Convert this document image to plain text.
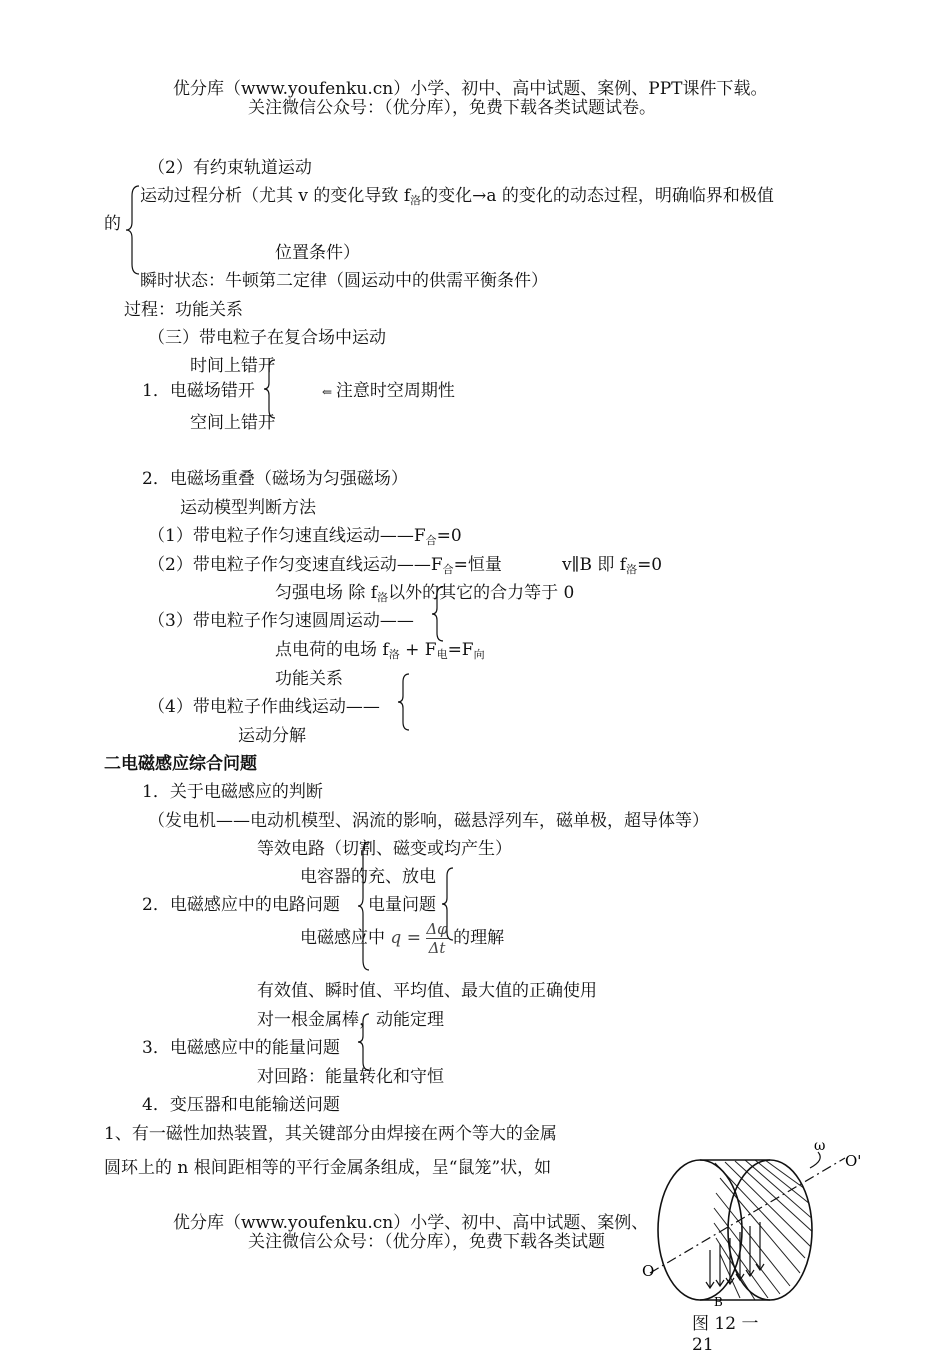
优分库（www.youfenku.cn）小学、初中、高中试题、案例、PPT课件下载。
关注微信公众号：（优分库），免费下载各类试题试卷。
（2）有约束轨道运动
运动过程分析（尤其 v 的变化导致 $f_洛$的变化→a 的变化的动态过程，明确临界和极值
的
位置条件）
瞬时状态：牛顿第二定律（圆运动中的供需平衡条件）
过程：功能关系
（三）带电粒子在复合场中运动
时间上错开
1．电磁场错开	⇐ 注意时空周期性
空间上错开
2．电磁场重叠（磁场为匀强磁场）
运动模型判断方法
（1）带电粒子作匀速直线运动$——F_合=0$
（2）带电粒子作匀变速直线运动$——F_合=$恒量	v∥B 即 $f_洛=0$
匀强电场 除 $f_洛$以外的其它的合力等于 0
（3）带电粒子作匀速圆周运动——
点电荷的电场 $f_洛 + F_电=F_向$
功能关系
（4）带电粒子作曲线运动——
运动分解
二电磁感应综合问题
1．关于电磁感应的判断
（发电机——电动机模型、涡流的影响，磁悬浮列车，磁单极，超导体等）
等效电路（切割、磁变或均产生）
电容器的充、放电
2．电磁感应中的电路问题 电量问题
电磁感应中 $q = \frac{\Delta\varphi}{\Delta t}$ 的理解
有效值、瞬时值、平均值、最大值的正确使用
对一根金属棒，动能定理
3．电磁感应中的能量问题
对回路：能量转化和守恒
4．变压器和电能输送问题
1、有一磁性加热装置，其关键部分由焊接在两个等大的金属
圆环上的 n 根间距相等的平行金属条组成，呈“鼠笼”状，如
优分库（www.youfenku.cn）小学、初中、高中试题、案例、
关注微信公众号：（优分库），免费下载各类试题
ω
O'
O
B
图 12 一
21
